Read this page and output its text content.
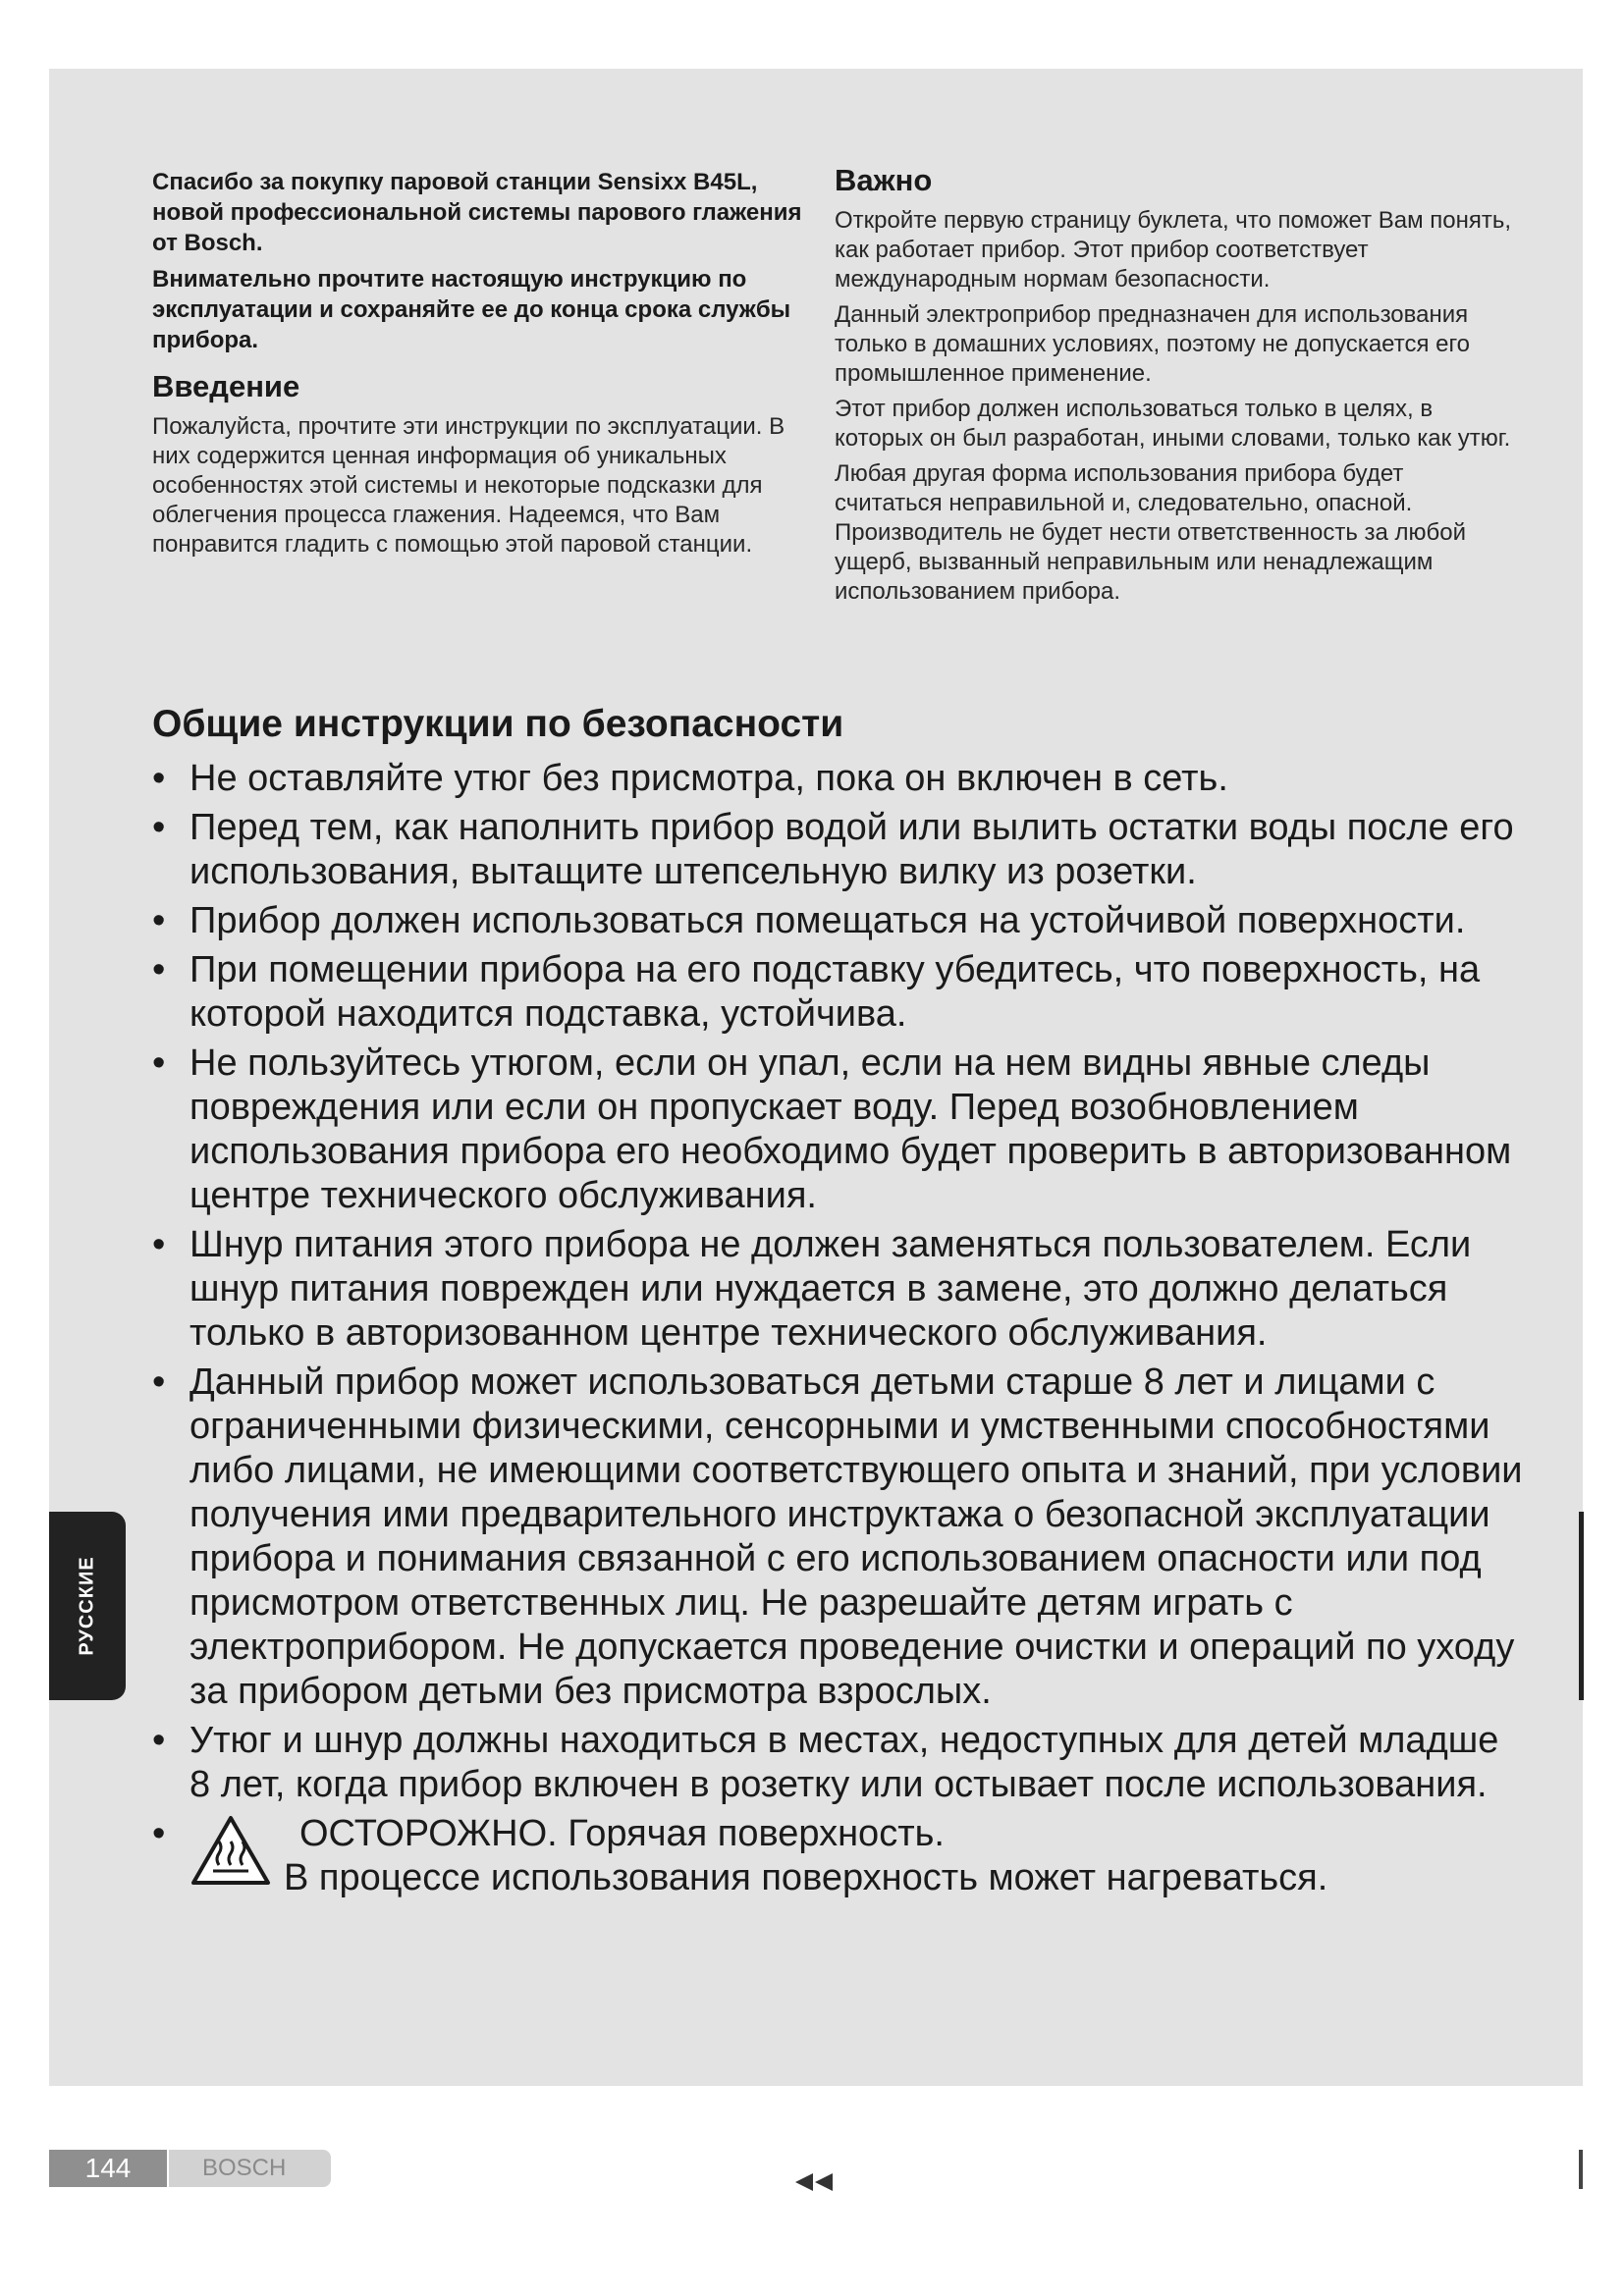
Спасибо за покупку паровой станции Sensixx B45L, новой профессиональной системы парового глажения от Bosch.

Внимательно прочтите настоящую инструкцию по эксплуатации и сохраняйте ее до конца срока службы прибора.

Введение

Пожалуйста, прочтите эти инструкции по эксплуатации. В них содержится ценная информация об уникальных особенностях этой системы и некоторые подсказки для облегчения процесса глажения. Надеемся, что Вам понравится гладить с помощью этой паровой станции.

Важно

Откройте первую страницу буклета, что поможет Вам понять, как работает прибор. Этот прибор соответствует международным нормам безопасности.

Данный электроприбор предназначен для использования только в домашних условиях, поэтому не допускается его промышленное применение.

Этот прибор должен использоваться только в целях, в которых он был разработан, иными словами, только как утюг.

Любая другая форма использования прибора будет считаться неправильной и, следовательно, опасной. Производитель не будет нести ответственность за любой ущерб, вызванный неправильным или ненадлежащим использованием прибора.

Общие инструкции по безопасности
• Не оставляйте утюг без присмотра, пока он включен в сеть.
• Перед тем, как наполнить прибор водой или вылить остатки воды после его использования, вытащите штепсельную вилку из розетки.
• Прибор должен использоваться помещаться на устойчивой поверхности.
• При помещении прибора на его подставку убедитесь, что поверхность, на которой находится подставка, устойчива.
• Не пользуйтесь утюгом, если он упал, если на нем видны явные следы повреждения или если он пропускает воду. Перед возобновлением использования прибора его необходимо будет проверить в авторизованном центре технического обслуживания.
• Шнур питания этого прибора не должен заменяться пользователем. Если шнур питания поврежден или нуждается в замене, это должно делаться только в авторизованном центре технического обслуживания.
• Данный прибор может использоваться детьми старше 8 лет и лицами с ограниченными физическими, сенсорными и умственными способностями либо лицами, не имеющими соответствующего опыта и знаний, при условии получения ими предварительного инструктажа о безопасной эксплуатации прибора и понимания связанной с его использованием опасности или под присмотром ответственных лиц. Не разрешайте детям играть с электроприбором. Не допускается проведение очистки и операций по уходу за прибором детьми без присмотра взрослых.
• Утюг и шнур должны находиться в местах, недоступных для детей младше 8 лет, когда прибор включен в розетку или остывает после использования.
•	ОСТОРОЖНО. Горячая поверхность.
В процессе использования поверхность может нагреваться.
РУССКИЕ
144	BOSCH
